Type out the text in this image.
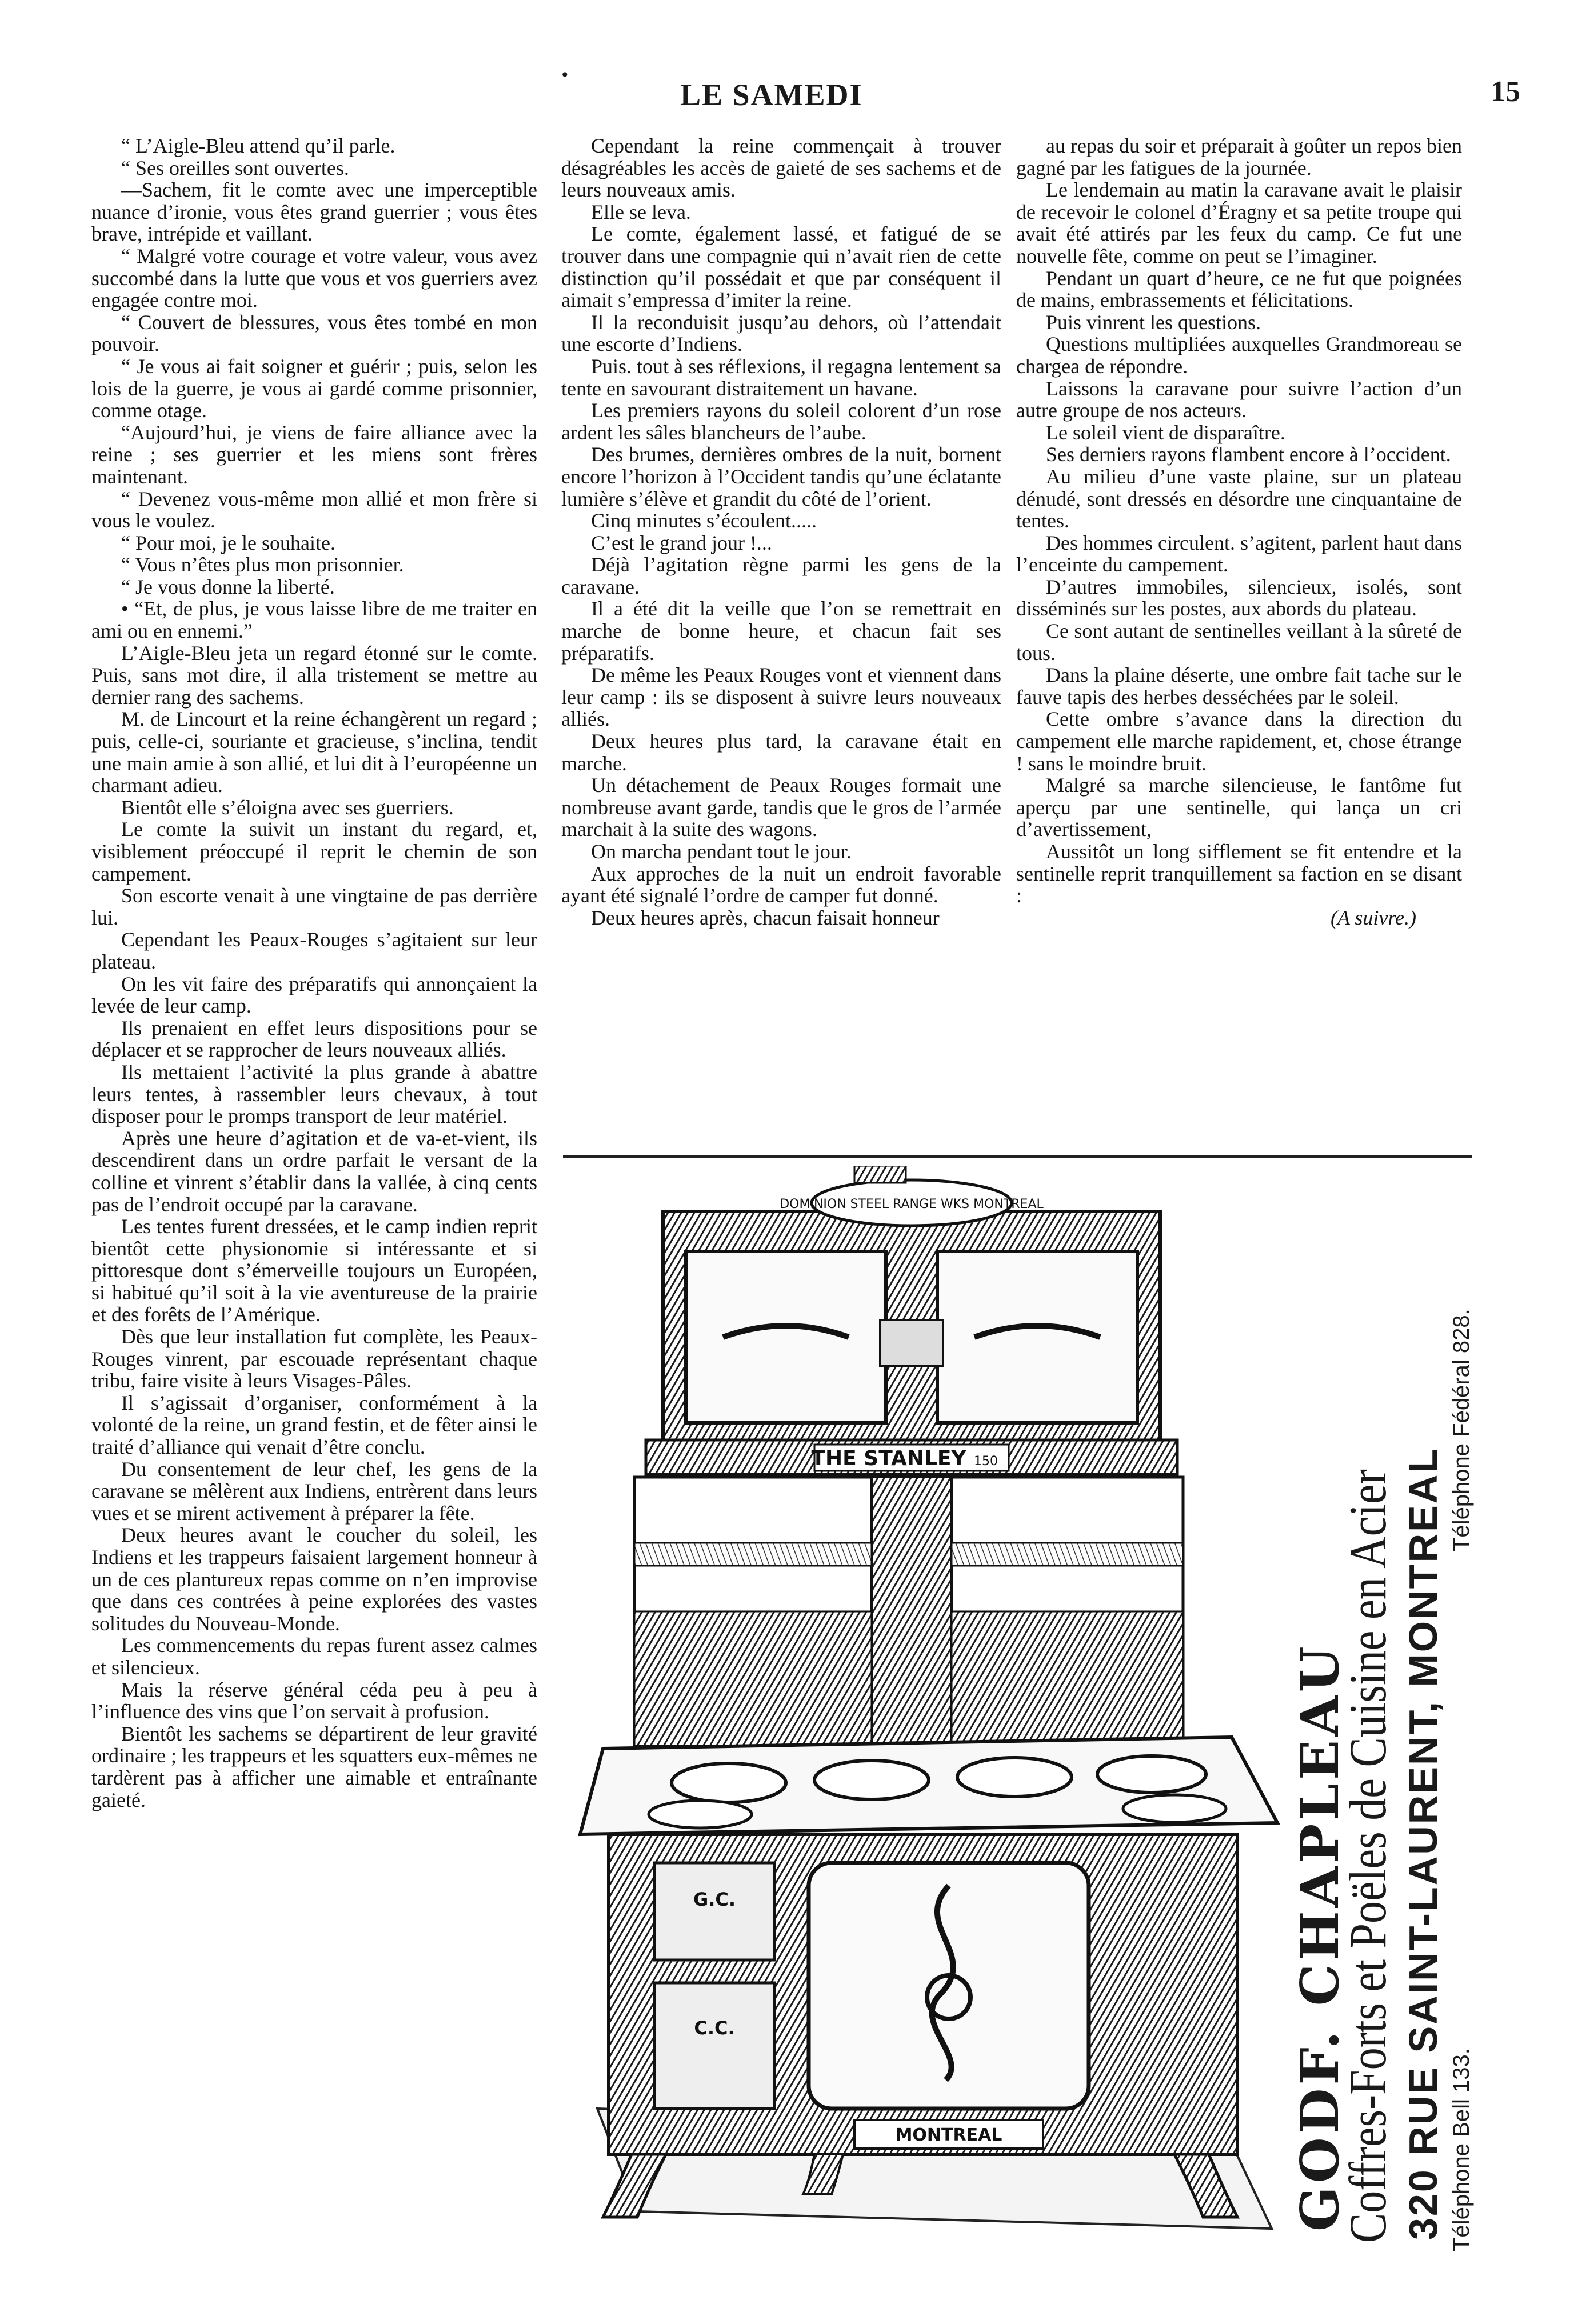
•
LE SAMEDI	15

“ L’Aigle-Bleu attend qu’il parle.

“ Ses oreilles sont ouvertes.

—Sachem, fit le comte avec une imperceptible nuance d’ironie, vous êtes grand guerrier ; vous êtes brave, intrépide et vaillant.

“ Malgré votre courage et votre valeur, vous avez succombé dans la lutte que vous et vos guerriers avez engagée contre moi.

“ Couvert de blessures, vous êtes tombé en mon pouvoir.

“ Je vous ai fait soigner et guérir ; puis, selon les lois de la guerre, je vous ai gardé comme prisonnier, comme otage.

“Aujourd’hui, je viens de faire alliance avec la reine ; ses guerrier et les miens sont frères maintenant.

“ Devenez vous-même mon allié et mon frère si vous le voulez.

“ Pour moi, je le souhaite.

“ Vous n’êtes plus mon prisonnier.

“ Je vous donne la liberté.

• “Et, de plus, je vous laisse libre de me traiter en ami ou en ennemi.”

L’Aigle-Bleu jeta un regard étonné sur le comte. Puis, sans mot dire, il alla tristement se mettre au dernier rang des sachems.

M. de Lincourt et la reine échangèrent un regard ; puis, celle-ci, souriante et gracieuse, s’inclina, tendit une main amie à son allié, et lui dit à l’européenne un charmant adieu.

Bientôt elle s’éloigna avec ses guerriers.

Le comte la suivit un instant du regard, et, visiblement préoccupé il reprit le chemin de son campement.

Son escorte venait à une vingtaine de pas derrière lui.

Cependant les Peaux-Rouges s’agitaient sur leur plateau.

On les vit faire des préparatifs qui annonçaient la levée de leur camp.

Ils prenaient en effet leurs dispositions pour se déplacer et se rapprocher de leurs nouveaux alliés.

Ils mettaient l’activité la plus grande à abattre leurs tentes, à rassembler leurs chevaux, à tout disposer pour le promps transport de leur matériel.

Après une heure d’agitation et de va-et-vient, ils descendirent dans un ordre parfait le versant de la colline et vinrent s’établir dans la vallée, à cinq cents pas de l’endroit occupé par la caravane.

Les tentes furent dressées, et le camp indien reprit bientôt cette physionomie si intéressante et si pittoresque dont s’émerveille toujours un Européen, si habitué qu’il soit à la vie aventureuse de la prairie et des forêts de l’Amérique.

Dès que leur installation fut complète, les Peaux-Rouges vinrent, par escouade représentant chaque tribu, faire visite à leurs Visages-Pâles.

Il s’agissait d’organiser, conformément à la volonté de la reine, un grand festin, et de fêter ainsi le traité d’alliance qui venait d’être conclu.

Du consentement de leur chef, les gens de la caravane se mêlèrent aux Indiens, entrèrent dans leurs vues et se mirent activement à préparer la fête.

Deux heures avant le coucher du soleil, les Indiens et les trappeurs faisaient largement honneur à un de ces plantureux repas comme on n’en improvise que dans ces contrées à peine explorées des vastes solitudes du Nouveau-Monde.

Les commencements du repas furent assez calmes et silencieux.

Mais la réserve général céda peu à peu à l’influence des vins que l’on servait à profusion.

Bientôt les sachems se départirent de leur gravité ordinaire ; les trappeurs et les squatters eux-mêmes ne tardèrent pas à afficher une aimable et entraînante gaieté.

Cependant la reine commençait à trouver désagréables les accès de gaieté de ses sachems et de leurs nouveaux amis.

Elle se leva.

Le comte, également lassé, et fatigué de se trouver dans une compagnie qui n’avait rien de cette distinction qu’il possédait et que par conséquent il aimait s’empressa d’imiter la reine.

Il la reconduisit jusqu’au dehors, où l’attendait une escorte d’Indiens.

Puis. tout à ses réflexions, il regagna lentement sa tente en savourant distraitement un havane.

Les premiers rayons du soleil colorent d’un rose ardent les sâles blancheurs de l’aube.

Des brumes, dernières ombres de la nuit, bornent encore l’horizon à l’Occident tandis qu’une éclatante lumière s’élève et grandit du côté de l’orient.

Cinq minutes s’écoulent.....

C’est le grand jour !...

Déjà l’agitation règne parmi les gens de la caravane.

Il a été dit la veille que l’on se remettrait en marche de bonne heure, et chacun fait ses préparatifs.

De même les Peaux Rouges vont et viennent dans leur camp : ils se disposent à suivre leurs nouveaux alliés.

Deux heures plus tard, la caravane était en marche.

Un détachement de Peaux Rouges formait une nombreuse avant garde, tandis que le gros de l’armée marchait à la suite des wagons.

On marcha pendant tout le jour.

Aux approches de la nuit un endroit favorable ayant été signalé l’ordre de camper fut donné.

Deux heures après, chacun faisait honneur

au repas du soir et préparait à goûter un repos bien gagné par les fatigues de la journée.

Le lendemain au matin la caravane avait le plaisir de recevoir le colonel d’Éragny et sa petite troupe qui avait été attirés par les feux du camp. Ce fut une nouvelle fête, comme on peut se l’imaginer.

Pendant un quart d’heure, ce ne fut que poignées de mains, embrassements et félicitations.

Puis vinrent les questions.

Questions multipliées auxquelles Grandmoreau se chargea de répondre.

Laissons la caravane pour suivre l’action d’un autre groupe de nos acteurs.

Le soleil vient de disparaître.

Ses derniers rayons flambent encore à l’occident.

Au milieu d’une vaste plaine, sur un plateau dénudé, sont dressés en désordre une cinquantaine de tentes.

Des hommes circulent. s’agitent, parlent haut dans l’enceinte du campement.

D’autres immobiles, silencieux, isolés, sont disséminés sur les postes, aux abords du plateau.

Ce sont autant de sentinelles veillant à la sûreté de tous.

Dans la plaine déserte, une ombre fait tache sur le fauve tapis des herbes desséchées par le soleil.

Cette ombre s’avance dans la direction du campement elle marche rapidement, et, chose étrange ! sans le moindre bruit.

Malgré sa marche silencieuse, le fantôme fut aperçu par une sentinelle, qui lança un cri d’avertissement,

Aussitôt un long sifflement se fit entendre et la sentinelle reprit tranquillement sa faction en se disant :

(A suivre.)

DOMINION STEEL RANGE WKS MONTREAL
THE STANLEY 150
G.C.
C.C.
MONTREAL	GODF. CHAPLEAU
Coffres-Forts et Poëles de Cuisine en Acier 320 RUE SAINT-LAURENT, MONTREAL Téléphone Bell 133.
Téléphone Fédéral 828.
